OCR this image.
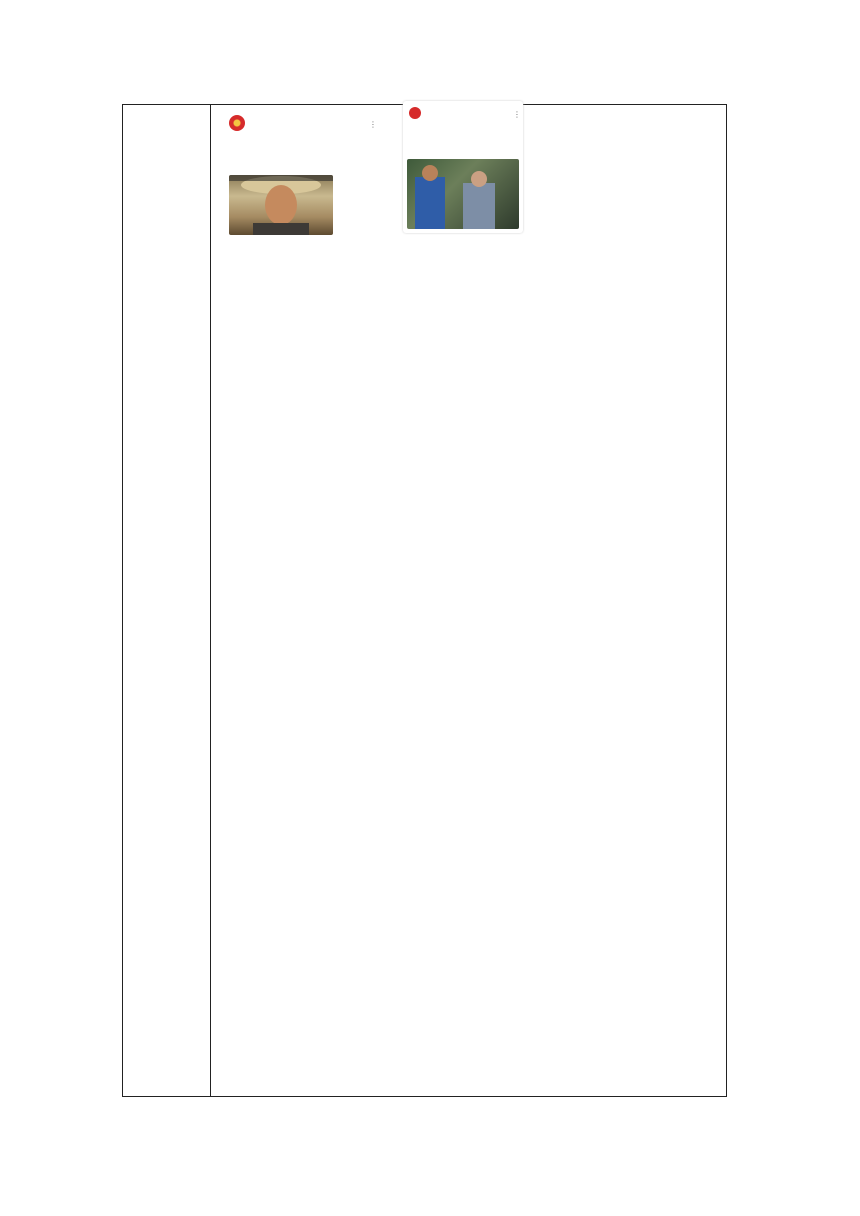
⋮
⋮
